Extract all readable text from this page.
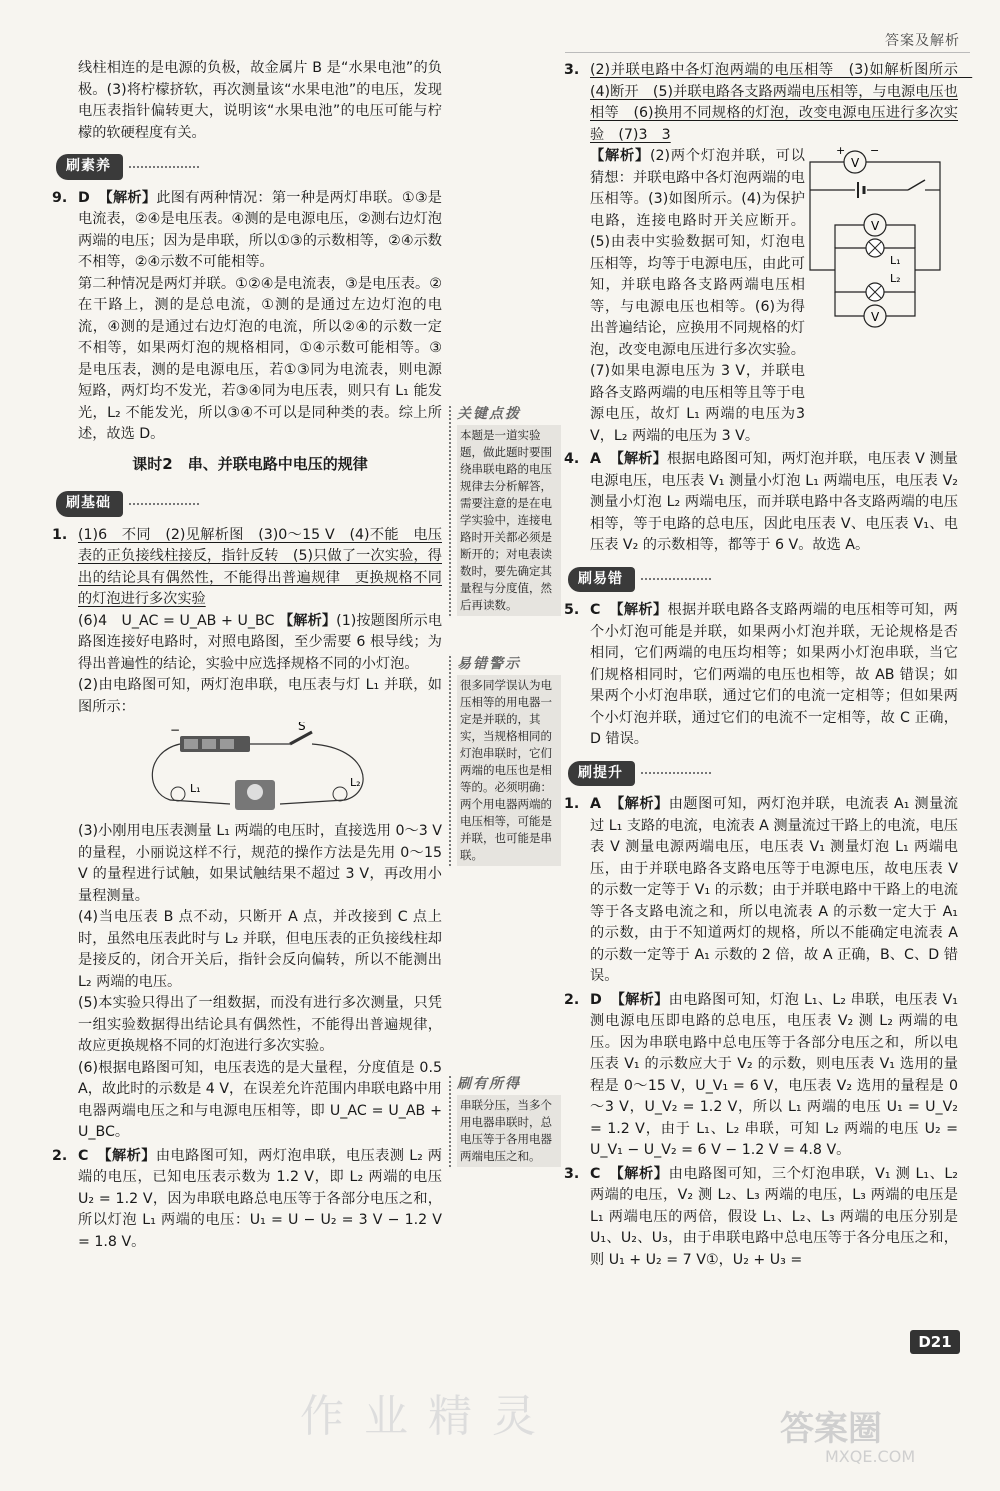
答案及解析

线柱相连的是电源的负极，故金属片 B 是“水果电池”的负极。(3)将柠檬挤软，再次测量该“水果电池”的电压，发现电压表指针偏转更大，说明该“水果电池”的电压可能与柠檬的软硬程度有关。

刷素养
9. D 【解析】此图有两种情况：第一种是两灯串联。①③是电流表，②④是电压表。④测的是电源电压，②测右边灯泡两端的电压；因为是串联，所以①③的示数相等，②④示数不相等，②④示数不可能相等。
第二种情况是两灯并联。①②④是电流表，③是电压表。②在干路上，测的是总电流，①测的是通过左边灯泡的电流，④测的是通过右边灯泡的电流，所以②④的示数一定不相等，如果两灯泡的规格相同，①④示数可能相等。③是电压表，测的是电源电压，若①③同为电流表，则电源短路，两灯均不发光，若③④同为电压表，则只有 L₁ 能发光，L₂ 不能发光，所以③④不可以是同种类的表。综上所述，故选 D。
课时2　串、并联电路中电压的规律
刷基础
1. (1)6　不同　(2)见解析图　(3)0～15 V　(4)不能　电压表的正负接线柱接反，指针反转　(5)只做了一次实验，得出的结论具有偶然性，不能得出普遍规律　更换规格不同的灯泡进行多次实验
(6)4　U_AC = U_AB + U_BC 【解析】(1)按题图所示电路图连接好电路时，对照电路图，至少需要 6 根导线；为得出普遍性的结论，实验中应选择规格不同的小灯泡。
(2)由电路图可知，两灯泡串联，电压表与灯 L₁ 并联，如图所示：
−	S
L₁	L₂
(3)小刚用电压表测量 L₁ 两端的电压时，直接选用 0～3 V 的量程，小丽说这样不行，规范的操作方法是先用 0～15 V 的量程进行试触，如果试触结果不超过 3 V，再改用小量程测量。
(4)当电压表 B 点不动，只断开 A 点，并改接到 C 点上时，虽然电压表此时与 L₂ 并联，但电压表的正负接线柱却是接反的，闭合开关后，指针会反向偏转，所以不能测出 L₂ 两端的电压。
(5)本实验只得出了一组数据，而没有进行多次测量，只凭一组实验数据得出结论具有偶然性，不能得出普遍规律，故应更换规格不同的灯泡进行多次实验。
(6)根据电路图可知，电压表选的是大量程，分度值是 0.5 A，故此时的示数是 4 V，在误差允许范围内串联电路中用电器两端电压之和与电源电压相等，即 U_AC = U_AB + U_BC。
2. C 【解析】由电路图可知，两灯泡串联，电压表测 L₂ 两端的电压，已知电压表示数为 1.2 V，即 L₂ 两端的电压 U₂ = 1.2 V，因为串联电路总电压等于各部分电压之和，所以灯泡 L₁ 两端的电压：U₁ = U − U₂ = 3 V − 1.2 V = 1.8 V。
关键点拨
本题是一道实验题，做此题时要围绕串联电路的电压规律去分析解答，需要注意的是在电学实验中，连接电路时开关都必须是断开的；对电表读数时，要先确定其量程与分度值，然后再读数。
易错警示
很多同学误认为电压相等的用电器一定是并联的，其实，当规格相同的灯泡串联时，它们两端的电压也是相等的。必须明确：两个用电器两端的电压相等，可能是并联，也可能是串联。
刷有所得
串联分压，当多个用电器串联时，总电压等于各用电器两端电压之和。
3. (2)并联电路中各灯泡两端的电压相等　(3)如解析图所示　(4)断开　(5)并联电路各支路两端电压相等，与电源电压也相等　(6)换用不同规格的灯泡，改变电源电压进行多次实验　(7)3　3
【解析】(2)两个灯泡并联，可以猜想：并联电路中各灯泡两端的电压相等。(3)如图所示。(4)为保护电路，连接电路时开关应断开。(5)由表中实验数据可知，灯泡电压相等，均等于电源电压，由此可知，并联电路各支路两端电压相等，与电源电压也相等。(6)为得出普遍结论，应换用不同规格的灯泡，改变电源电压进行多次实验。(7)如果电源电压为 3 V，并联电路各支路两端的电压相等且等于电源电压，故灯 L₁ 两端的电压为3 V，L₂ 两端的电压为 3 V。
4. A 【解析】根据电路图可知，两灯泡并联，电压表 V 测量电源电压，电压表 V₁ 测量小灯泡 L₁ 两端电压，电压表 V₂ 测量小灯泡 L₂ 两端电压，而并联电路中各支路两端的电压相等，等于电路的总电压，因此电压表 V、电压表 V₁、电压表 V₂ 的示数相等，都等于 6 V。故选 A。
刷易错
5. C 【解析】根据并联电路各支路两端的电压相等可知，两个小灯泡可能是并联，如果两小灯泡并联，无论规格是否相同，它们两端的电压均相等；如果两小灯泡串联，当它们规格相同时，它们两端的电压也相等，故 AB 错误；如果两个小灯泡串联，通过它们的电流一定相等；但如果两个小灯泡并联，通过它们的电流不一定相等，故 C 正确，D 错误。
刷提升
1. A 【解析】由题图可知，两灯泡并联，电流表 A₁ 测量流过 L₁ 支路的电流，电流表 A 测量流过干路上的电流，电压表 V 测量电源两端电压，电压表 V₁ 测量灯泡 L₁ 两端电压，由于并联电路各支路电压等于电源电压，故电压表 V 的示数一定等于 V₁ 的示数；由于并联电路中干路上的电流等于各支路电流之和，所以电流表 A 的示数一定大于 A₁ 的示数，由于不知道两灯的规格，所以不能确定电流表 A 的示数一定等于 A₁ 示数的 2 倍，故 A 正确，B、C、D 错误。
2. D 【解析】由电路图可知，灯泡 L₁、L₂ 串联，电压表 V₁ 测电源电压即电路的总电压，电压表 V₂ 测 L₂ 两端的电压。因为串联电路中总电压等于各部分电压之和，所以电压表 V₁ 的示数应大于 V₂ 的示数，则电压表 V₁ 选用的量程是 0～15 V，U_V₁ = 6 V，电压表 V₂ 选用的量程是 0～3 V，U_V₂ = 1.2 V，所以 L₁ 两端的电压 U₁ = U_V₂ = 1.2 V，由于 L₁、L₂ 串联，可知 L₂ 两端的电压 U₂ = U_V₁ − U_V₂ = 6 V − 1.2 V = 4.8 V。
3. C 【解析】由电路图可知，三个灯泡串联，V₁ 测 L₁、L₂ 两端的电压，V₂ 测 L₂、L₃ 两端的电压，L₃ 两端的电压是 L₁ 两端电压的两倍，假设 L₁、L₂、L₃ 两端的电压分别是 U₁、U₂、U₃，由于串联电路中总电压等于各分电压之和，则 U₁ + U₂ = 7 V①，U₂ + U₃ =
V
+ −
V
L₁
L₂
V
D21
作业精灵	答案圈
MXQE.COM
